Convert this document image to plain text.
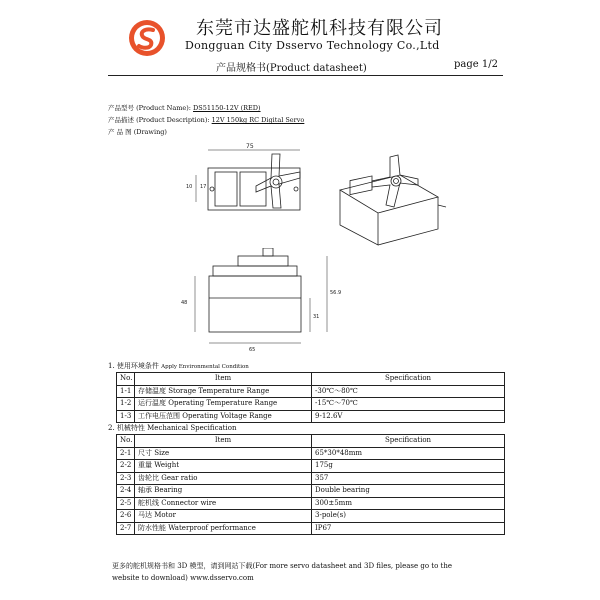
东莞市达盛舵机科技有限公司
Dongguan City Dsservo Technology Co.,Ltd
产品规格书(Product datasheet)	page 1/2
产品型号 (Product Name): DS51150-12V (RED)
产品描述 (Product Description): 12V 150kg RC Digital Servo
产 品 图 (Drawing)
75
10 17
48
31
56.9
65
1. 使用环境条件 Apply Environmental Condition
No.	Item	Specification
1-1	存储温度 Storage Temperature Range	-30℃～80℃
1-2	运行温度 Operating Temperature Range	-15℃～70℃
1-3	工作电压范围 Operating Voltage Range	9-12.6V
2. 机械特性 Mechanical Specification
No.	Item	Specification
2-1	尺寸 Size	65*30*48mm
2-2	重量 Weight	175g
2-3	齿轮比 Gear ratio	357
2-4	轴承 Bearing	Double bearing
2-5	舵机线 Connector wire	300±5mm
2-6	马达 Motor	3-pole(s)
2-7	防水性能 Waterproof performance	IP67
更多的舵机规格书和 3D 模型，请到网站下载(For more servo datasheet and 3D files, please go to the
website to download) www.dsservo.com
